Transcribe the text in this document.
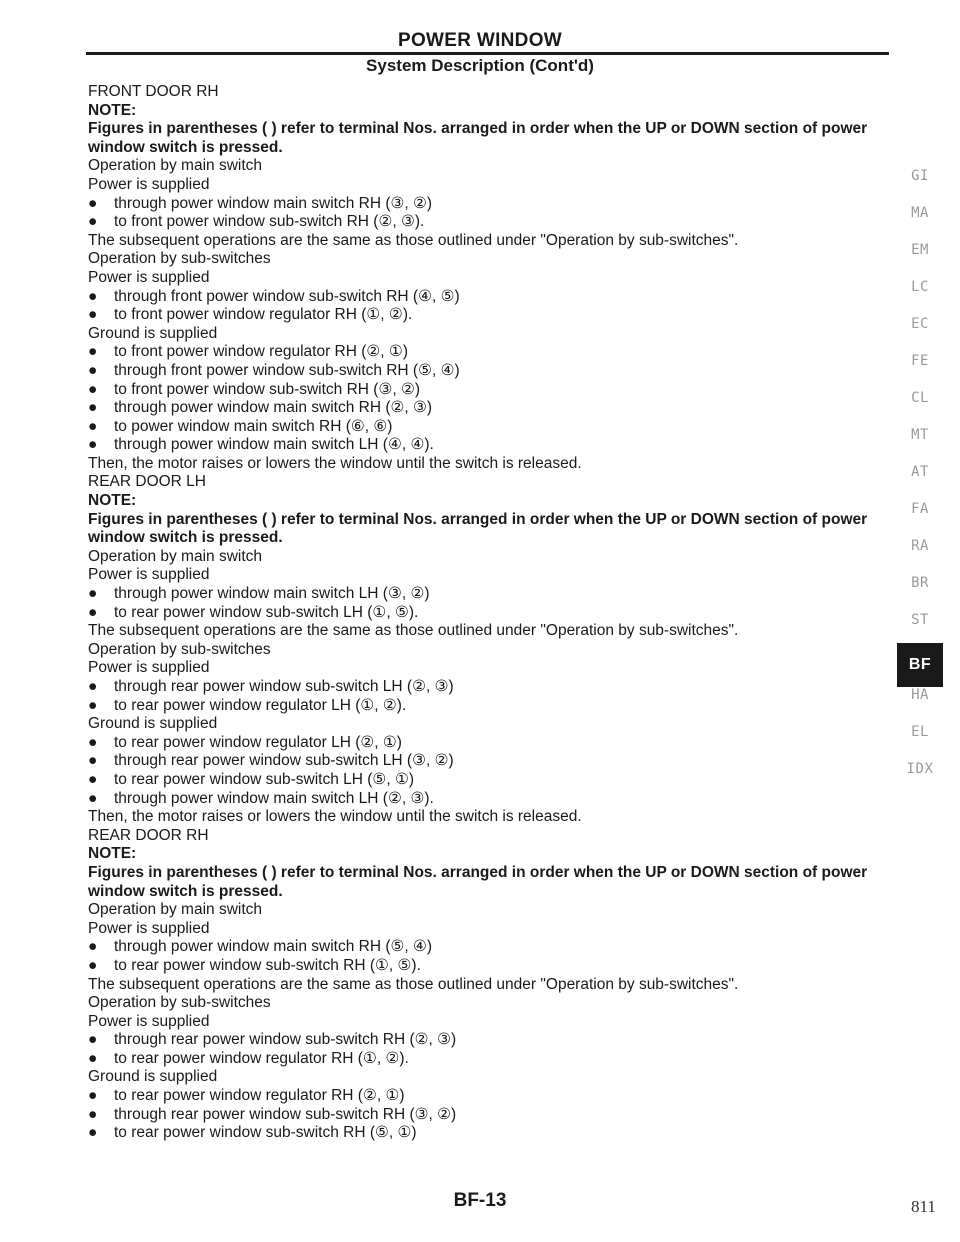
POWER WINDOW
System Description (Cont'd)
FRONT DOOR RH
NOTE:
Figures in parentheses ( ) refer to terminal Nos. arranged in order when the UP or DOWN section of power window switch is pressed.
Operation by main switch
Power is supplied
●	through power window main switch RH (③, ②)
●	to front power window sub-switch RH (②, ③).
The subsequent operations are the same as those outlined under "Operation by sub-switches".
Operation by sub-switches
Power is supplied
●	through front power window sub-switch RH (④, ⑤)
●	to front power window regulator RH (①, ②).
Ground is supplied
●	to front power window regulator RH (②, ①)
●	through front power window sub-switch RH (⑤, ④)
●	to front power window sub-switch RH (③, ②)
●	through power window main switch RH (②, ③)
●	to power window main switch RH (⑥, ⑥)
●	through power window main switch LH (④, ④).
Then, the motor raises or lowers the window until the switch is released.
REAR DOOR LH
NOTE:
Figures in parentheses ( ) refer to terminal Nos. arranged in order when the UP or DOWN section of power window switch is pressed.
Operation by main switch
Power is supplied
●	through power window main switch LH (③, ②)
●	to rear power window sub-switch LH (①, ⑤).
The subsequent operations are the same as those outlined under "Operation by sub-switches".
Operation by sub-switches
Power is supplied
●	through rear power window sub-switch LH (②, ③)
●	to rear power window regulator LH (①, ②).
Ground is supplied
●	to rear power window regulator LH (②, ①)
●	through rear power window sub-switch LH (③, ②)
●	to rear power window sub-switch LH (⑤, ①)
●	through power window main switch LH (②, ③).
Then, the motor raises or lowers the window until the switch is released.
REAR DOOR RH
NOTE:
Figures in parentheses ( ) refer to terminal Nos. arranged in order when the UP or DOWN section of power window switch is pressed.
Operation by main switch
Power is supplied
●	through power window main switch RH (⑤, ④)
●	to rear power window sub-switch RH (①, ⑤).
The subsequent operations are the same as those outlined under "Operation by sub-switches".
Operation by sub-switches
Power is supplied
●	through rear power window sub-switch RH (②, ③)
●	to rear power window regulator RH (①, ②).
Ground is supplied
●	to rear power window regulator RH (②, ①)
●	through rear power window sub-switch RH (③, ②)
●	to rear power window sub-switch RH (⑤, ①)
GI
MA
EM
LC
EC
FE
CL
MT
AT
FA
RA
BR
ST
BF
HA
EL
IDX
BF-13	811
